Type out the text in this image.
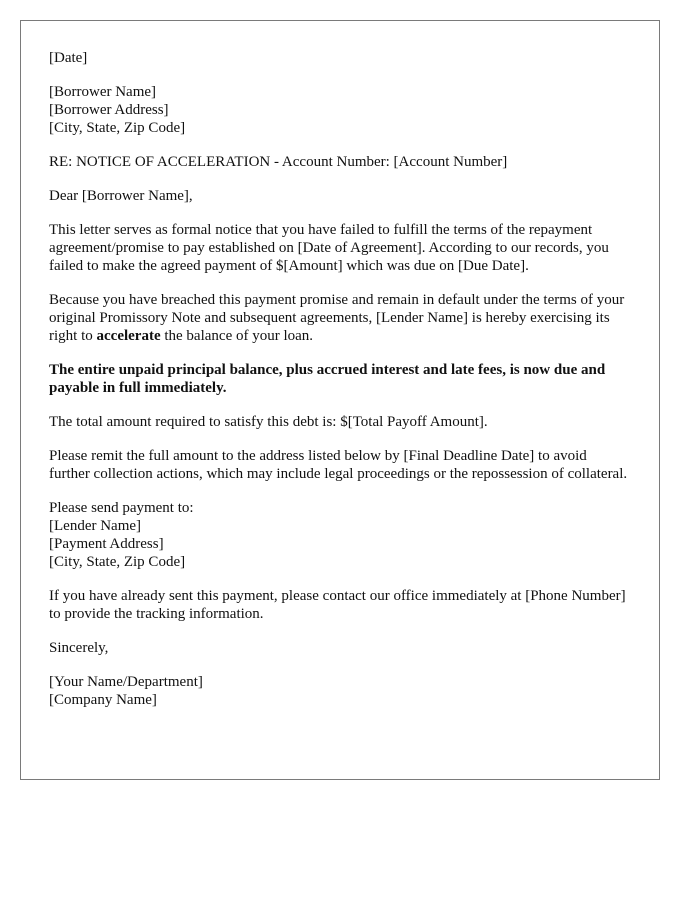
[Date]

[Borrower Name]
[Borrower Address]
[City, State, Zip Code]

RE: NOTICE OF ACCELERATION - Account Number: [Account Number]

Dear [Borrower Name],

This letter serves as formal notice that you have failed to fulfill the terms of the repayment agreement/promise to pay established on [Date of Agreement]. According to our records, you failed to make the agreed payment of $[Amount] which was due on [Due Date].

Because you have breached this payment promise and remain in default under the terms of your original Promissory Note and subsequent agreements, [Lender Name] is hereby exercising its right to accelerate the balance of your loan.

The entire unpaid principal balance, plus accrued interest and late fees, is now due and payable in full immediately.

The total amount required to satisfy this debt is: $[Total Payoff Amount].

Please remit the full amount to the address listed below by [Final Deadline Date] to avoid further collection actions, which may include legal proceedings or the repossession of collateral.

Please send payment to:
[Lender Name]
[Payment Address]
[City, State, Zip Code]

If you have already sent this payment, please contact our office immediately at [Phone Number] to provide the tracking information.

Sincerely,

[Your Name/Department]
[Company Name]
